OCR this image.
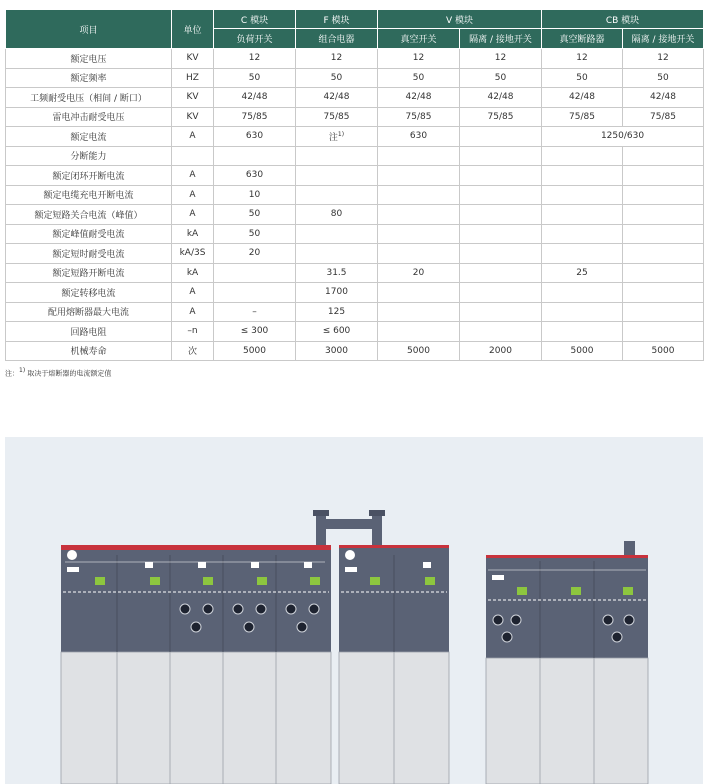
项目	单位	C 模块	F 模块	V 模块		CB 模块	
		负荷开关	组合电器	真空开关	隔离 / 接地开关	真空断路器	隔离 / 接地开关
额定电压	KV	12	12	12	12	12	12
额定频率	HZ	50	50	50	50	50	50
工频耐受电压（相间 / 断口）	KV	42/48	42/48	42/48	42/48	42/48	42/48
雷电冲击耐受电压	KV	75/85	75/85	75/85	75/85	75/85	75/85
额定电流	A	630	注$^{1)}$	630		1250/630	
分断能力							
额定闭环开断电流	A	630					
额定电缆充电开断电流	A	10					
额定短路关合电流（峰值）	A	50	80				
额定峰值耐受电流	kA	50					
额定短时耐受电流	kA/3S	20					
额定短路开断电流	kA		31.5	20		25	
额定转移电流	A		1700				
配用熔断器最大电流	A	–	125				
回路电阻	–n	≤ 300	≤ 600				
机械寿命	次	5000	3000	5000	2000	5000	5000
注：$^{1)}$ 取决于熔断器的电流额定值
